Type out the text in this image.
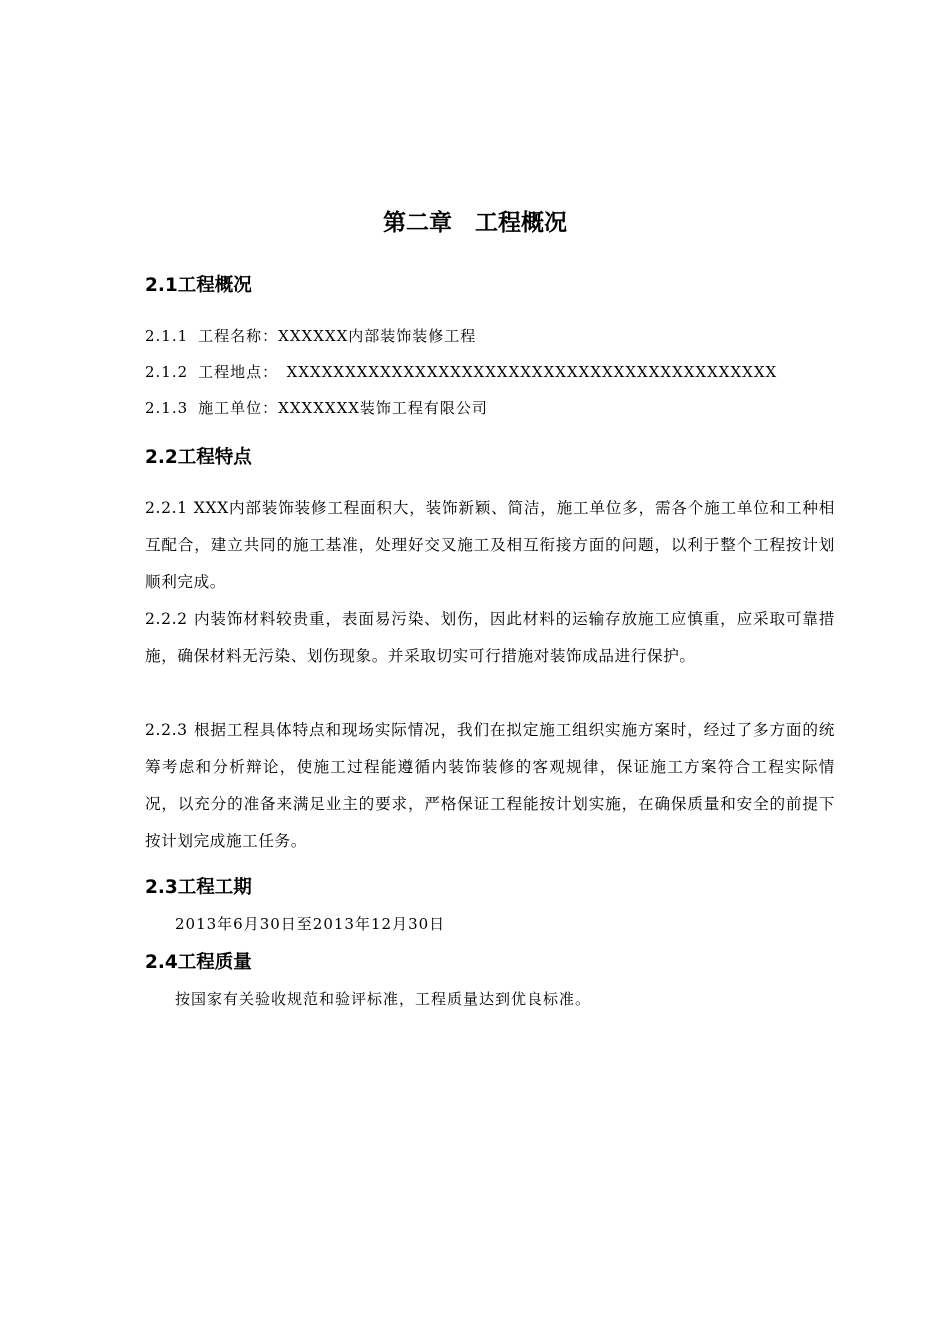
第二章　工程概况
2.1工程概况

2.1.1 工程名称：XXXXXX内部装饰装修工程

2.1.2 工程地点：　XXXXXXXXXXXXXXXXXXXXXXXXXXXXXXXXXXXXXXXXXX

2.1.3 施工单位：XXXXXXX装饰工程有限公司

2.2工程特点

2.2.1 XXX内部装饰装修工程面积大，装饰新颖、简洁，施工单位多，需各个施工单位和工种相互配合，建立共同的施工基准，处理好交叉施工及相互衔接方面的问题，以利于整个工程按计划顺利完成。

2.2.2 内装饰材料较贵重，表面易污染、划伤，因此材料的运输存放施工应慎重，应采取可靠措施，确保材料无污染、划伤现象。并采取切实可行措施对装饰成品进行保护。

2.2.3 根据工程具体特点和现场实际情况，我们在拟定施工组织实施方案时，经过了多方面的统筹考虑和分析辩论，使施工过程能遵循内装饰装修的客观规律，保证施工方案符合工程实际情况，以充分的准备来满足业主的要求，严格保证工程能按计划实施，在确保质量和安全的前提下按计划完成施工任务。

2.3工程工期

2013年6月30日至2013年12月30日

2.4工程质量

按国家有关验收规范和验评标准，工程质量达到优良标准。
